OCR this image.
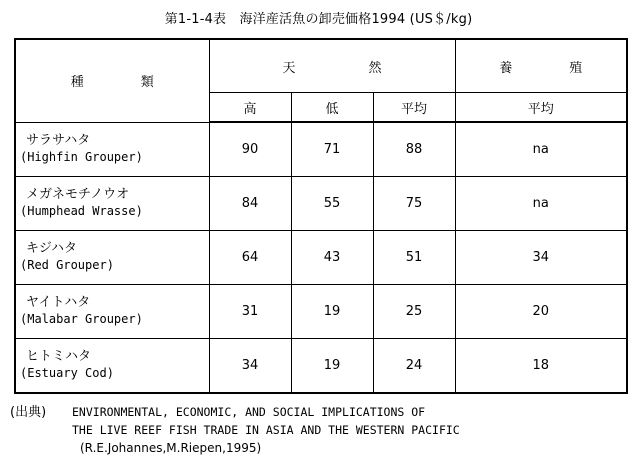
第1-1-4表　海洋産活魚の卸売価格1994 (US＄/kg)
種　類	天　然			養　殖
	高	低	平均	平均

サラサハタ
(Highfin Grouper)	90	71	88	na

メガネモチノウオ
(Humphead Wrasse)	84	55	75	na

キジハタ
(Red Grouper)	64	43	51	34

ヤイトハタ
(Malabar Grouper)	31	19	25	20

ヒトミハタ
(Estuary Cod)	34	19	24	18
(出典) ENVIRONMENTAL, ECONOMIC, AND SOCIAL IMPLICATIONS OF
THE LIVE REEF FISH TRADE IN ASIA AND THE WESTERN PACIFIC
(R.E.Johannes,M.Riepen,1995)
